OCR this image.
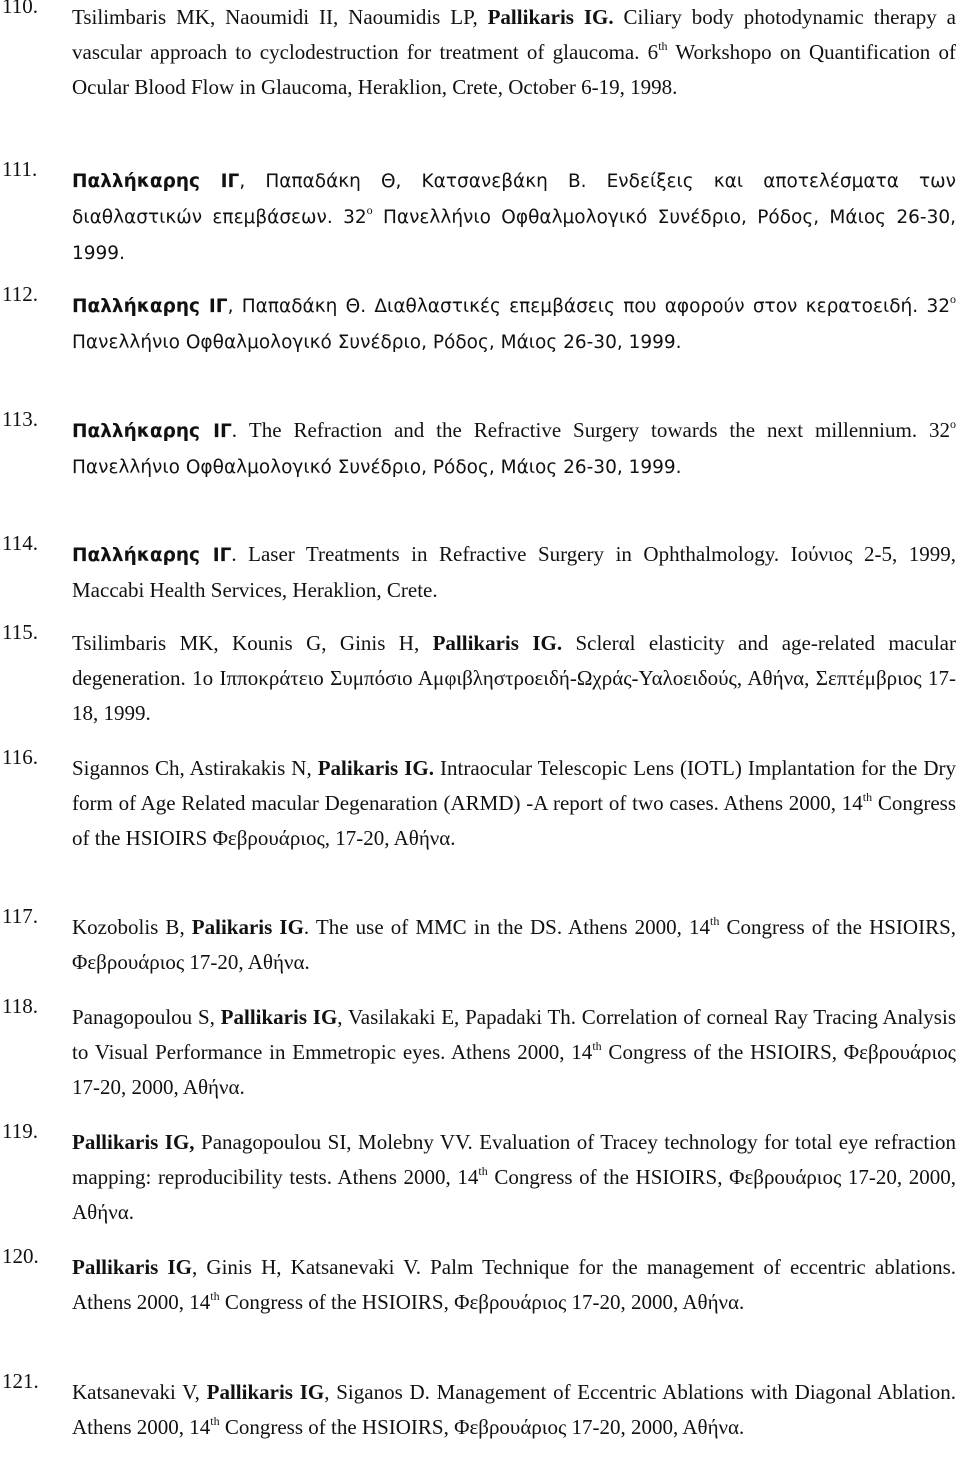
110. Tsilimbaris MK, Naoumidi II, Naoumidis LP, Pallikaris IG. Ciliary body photodynamic therapy a vascular approach to cyclodestruction for treatment of glaucoma. 6th Workshopo on Quantification of Ocular Blood Flow in Glaucoma, Heraklion, Crete, October 6-19, 1998.
111.
Παλλήκαρης ΙΓ, Παπαδάκη Θ, Κατσανεβάκη Β. Ενδείξεις και αποτελέσματα των διαθλαστικών επεμβάσεων. $32^o$ Πανελλήνιο Οφθαλμολογικό Συνέδριο, Ρόδος, Μάιος 26-30, 1999.
112.
Παλλήκαρης ΙΓ, Παπαδάκη Θ. Διαθλαστικές επεμβάσεις που αφορούν στον κερατοειδή. $32^o$ Πανελλήνιο Οφθαλμολογικό Συνέδριο, Ρόδος, Μάιος 26-30, 1999.
113.
Παλλήκαρης ΙΓ. The Refraction and the Refractive Surgery towards the next millennium. $32^o$ Πανελλήνιο Οφθαλμολογικό Συνέδριο, Ρόδος, Μάιος 26-30, 1999.
114.
Παλλήκαρης ΙΓ. Laser Treatments in Refractive Surgery in Ophthalmology. Ιούνιος 2-5, 1999, Maccabi Health Services, Heraklion, Crete.
115. Tsilimbaris MK, Kounis G, Ginis H, Pallikaris IG. Sclerαl elasticity and age-related macular degeneration. 1o Ιπποκράτειο Συμπόσιο Αμφιβληστροειδή-Ωχράς-Υαλοειδούς, Αθήνα, Σεπτέμβριος 17-18, 1999.
116. Sigannos Ch, Astirakakis N, Palikaris IG. Intraocular Telescopic Lens (IOTL) Implantation for the Dry form of Age Related macular Degenaration (ARMD) -A report of two cases. Athens 2000, 14th Congress of the HSIOIRS Φεβρουάριος, 17-20, Αθήνα.
117. Kozobolis B, Palikaris IG. The use of MMC in the DS. Athens 2000, 14th Congress of the HSIOIRS, Φεβρουάριος 17-20, Αθήνα.
118. Panagopoulou S, Pallikaris IG, Vasilakaki E, Papadaki Th. Correlation of corneal Ray Tracing Analysis to Visual Performance in Emmetropic eyes. Athens 2000, 14th Congress of the HSIOIRS, Φεβρουάριος 17-20, 2000, Αθήνα.
119. Pallikaris IG, Panagopoulou SI, Molebny VV. Evaluation of Tracey technology for total eye refraction mapping: reproducibility tests. Athens 2000, 14th Congress of the HSIOIRS, Φεβρουάριος 17-20, 2000, Αθήνα.
120. Pallikaris IG, Ginis H, Katsanevaki V. Palm Technique for the management of eccentric ablations. Athens 2000, 14th Congress of the HSIOIRS, Φεβρουάριος 17-20, 2000, Αθήνα.
121. Katsanevaki V, Pallikaris IG, Siganos D. Management of Eccentric Ablations with Diagonal Ablation. Athens 2000, 14th Congress of the HSIOIRS, Φεβρουάριος 17-20, 2000, Αθήνα.
